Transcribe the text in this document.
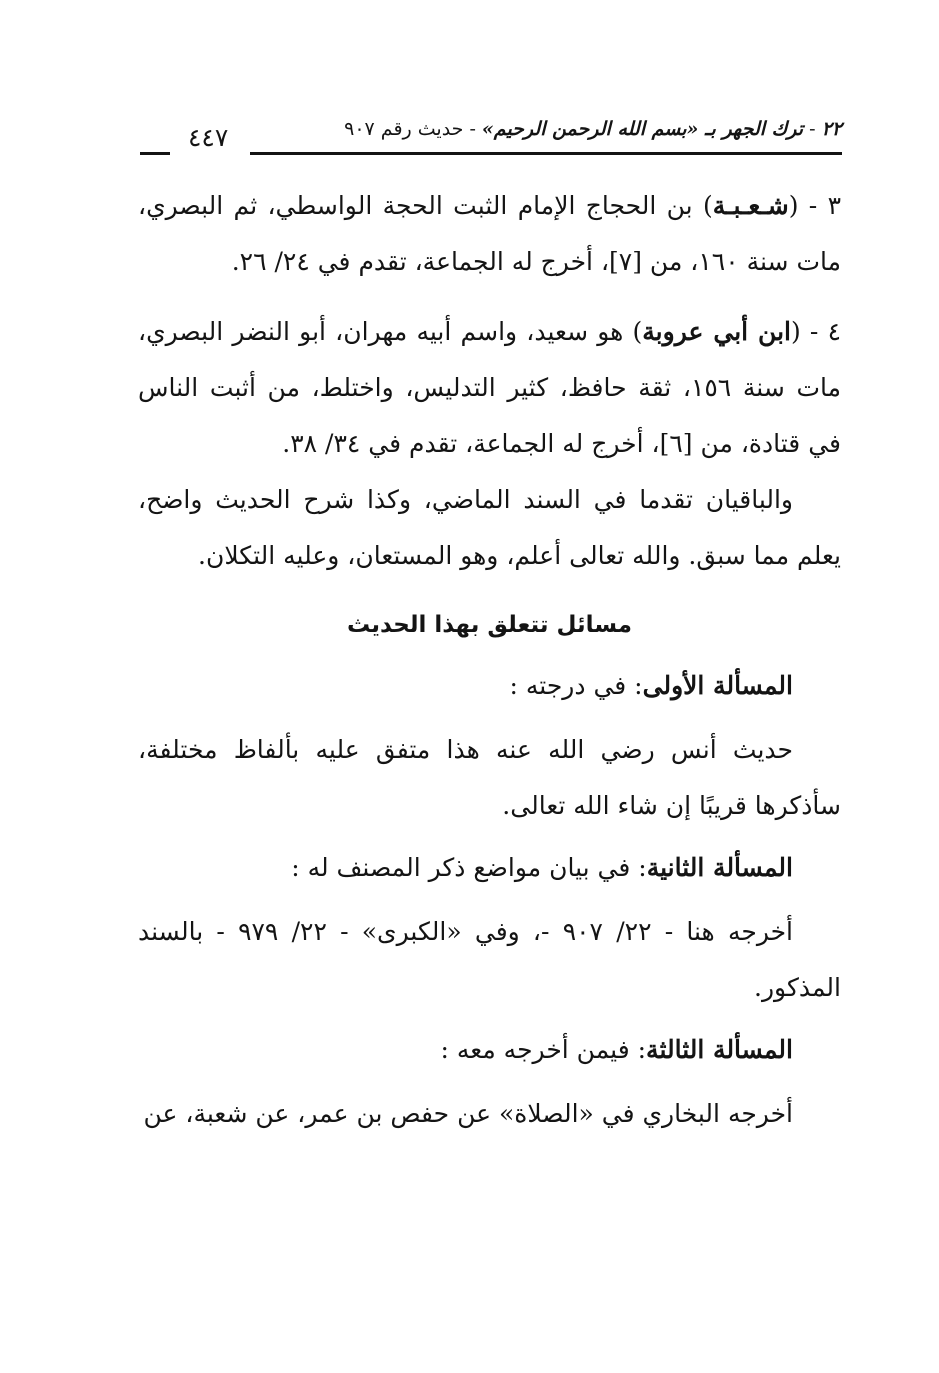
٤٤٧	٢٢ - ترك الجهر بـ «بسم الله الرحمن الرحيم» - حديث رقم ٩٠٧

٣ - (شـعـبـة) بن الحجاج الإمام الثبت الحجة الواسطي، ثم البصري، مات سنة ١٦٠، من [٧]، أخرج له الجماعة، تقدم في ٢٤/ ٢٦.

٤ - (ابن أبي عروبة) هو سعيد، واسم أبيه مهران، أبو النضر البصري، مات سنة ١٥٦، ثقة حافظ، كثير التدليس، واختلط، من أثبت الناس في قتادة، من [٦]، أخرج له الجماعة، تقدم في ٣٤/ ٣٨.

والباقيان تقدما في السند الماضي، وكذا شرح الحديث واضح، يعلم مما سبق. والله تعالى أعلم، وهو المستعان، وعليه التكلان.

مسائل تتعلق بهذا الحديث

المسألة الأولى: في درجته :

حديث أنس رضي الله عنه هذا متفق عليه بألفاظ مختلفة، سأذكرها قريبًا إن شاء الله تعالى.

المسألة الثانية: في بيان مواضع ذكر المصنف له :

أخرجه هنا - ٢٢/ ٩٠٧ -، وفي «الكبرى» - ٢٢/ ٩٧٩ - بالسند المذكور.

المسألة الثالثة: فيمن أخرجه معه :

أخرجه البخاري في «الصلاة» عن حفص بن عمر، عن شعبة، عن
